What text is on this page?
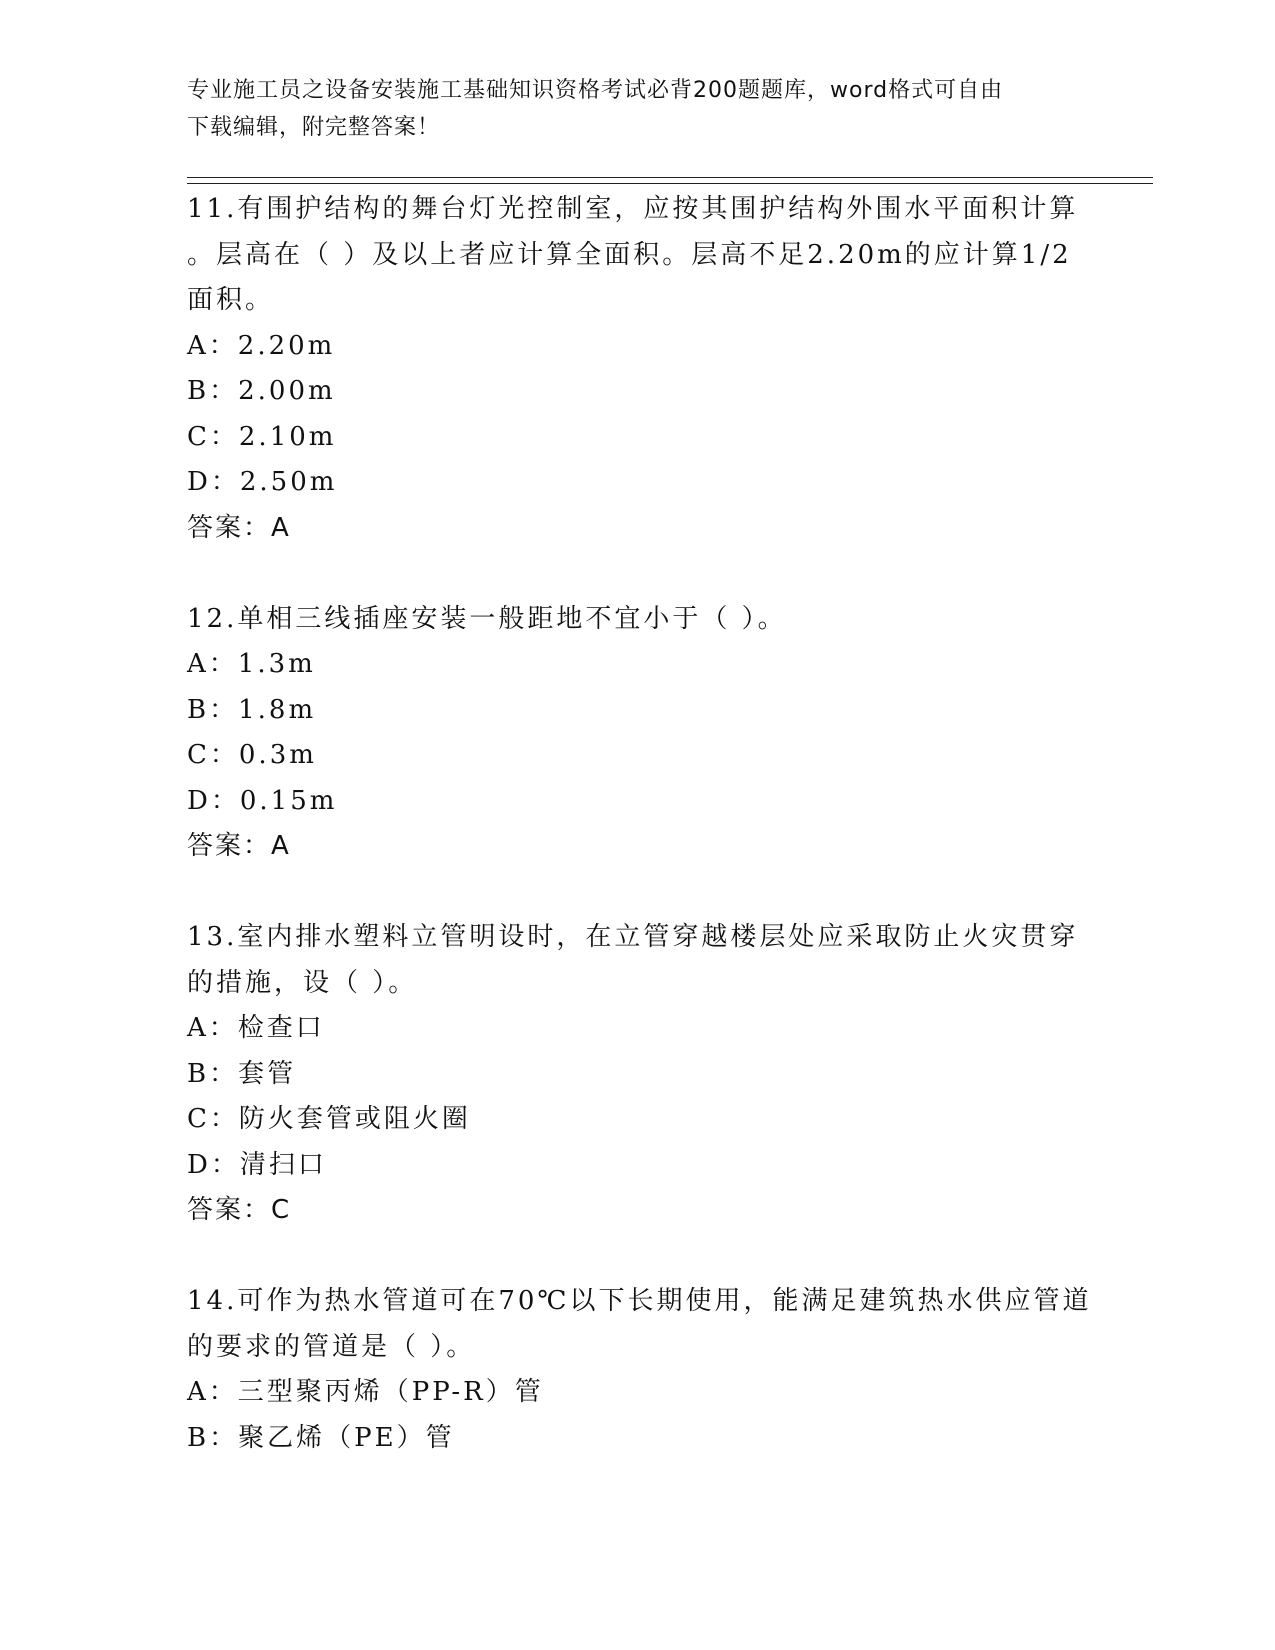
专业施工员之设备安装施工基础知识资格考试必背200题题库，word格式可自由
下载编辑，附完整答案！
11.有围护结构的舞台灯光控制室，应按其围护结构外围水平面积计算
。层高在（ ）及以上者应计算全面积。层高不足2.20m的应计算1/2
面积。
A：2.20m
B：2.00m
C：2.10m
D：2.50m
答案：A
12.单相三线插座安装一般距地不宜小于（ ）。
A：1.3m
B：1.8m
C：0.3m
D：0.15m
答案：A
13.室内排水塑料立管明设时，在立管穿越楼层处应采取防止火灾贯穿
的措施，设（ ）。
A：检查口
B：套管
C：防火套管或阻火圈
D：清扫口
答案：C
14.可作为热水管道可在70℃以下长期使用，能满足建筑热水供应管道
的要求的管道是（ ）。
A：三型聚丙烯（PP-R）管
B：聚乙烯（PE）管
